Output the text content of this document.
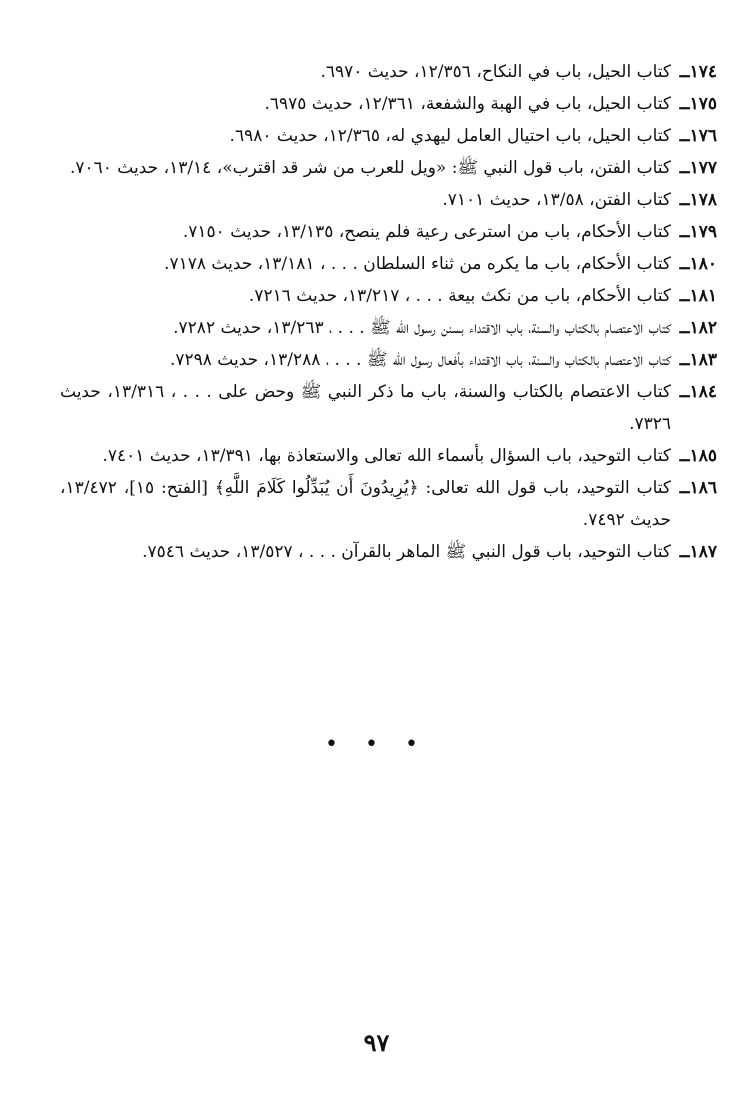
١٧٤ــ
كتاب الحيل، باب في النكاح، ١٢/٣٥٦، حديث ٦٩٧٠.
١٧٥ــ
كتاب الحيل، باب في الهبة والشفعة، ١٢/٣٦١، حديث ٦٩٧٥.
١٧٦ــ
كتاب الحيل، باب احتيال العامل ليهدي له، ١٢/٣٦٥، حديث ٦٩٨٠.
١٧٧ــ
كتاب الفتن، باب قول النبي ﷺ: «ويل للعرب من شر قد اقترب»، ١٣/١٤، حديث ٧٠٦٠.
١٧٨ــ
كتاب الفتن، ١٣/٥٨، حديث ٧١٠١.
١٧٩ــ
كتاب الأحكام، باب من استرعى رعية فلم ينصح، ١٣/١٣٥، حديث ٧١٥٠.
١٨٠ــ
كتاب الأحكام، باب ما يكره من ثناء السلطان . . . ، ١٣/١٨١، حديث ٧١٧٨.
١٨١ــ
كتاب الأحكام، باب من نكث بيعة . . . ، ١٣/٢١٧، حديث ٧٢١٦.
١٨٢ــ
كتاب الاعتصام بالكتاب والسنة، باب الاقتداء بسنن رسول الله ﷺ . . . ، ١٣/٢٦٣، حديث ٧٢٨٢.
١٨٣ــ
كتاب الاعتصام بالكتاب والسنة، باب الاقتداء بأفعال رسول الله ﷺ . . . ، ١٣/٢٨٨، حديث ٧٢٩٨.
١٨٤ــ
كتاب الاعتصام بالكتاب والسنة، باب ما ذكر النبي ﷺ وحض على . . . ، ١٣/٣١٦، حديث ٧٣٢٦.
١٨٥ــ
كتاب التوحيد، باب السؤال بأسماء الله تعالى والاستعاذة بها، ١٣/٣٩١، حديث ٧٤٠١.
١٨٦ــ
كتاب التوحيد، باب قول الله تعالى: ﴿يُرِيدُونَ أَن يُبَدِّلُوا كَلَامَ اللَّهِ﴾ [الفتح: ١٥]، ١٣/٤٧٢، حديث ٧٤٩٢.
١٨٧ــ
كتاب التوحيد، باب قول النبي ﷺ الماهر بالقرآن . . . ، ١٣/٥٢٧، حديث ٧٥٤٦.
• • •
٩٧
